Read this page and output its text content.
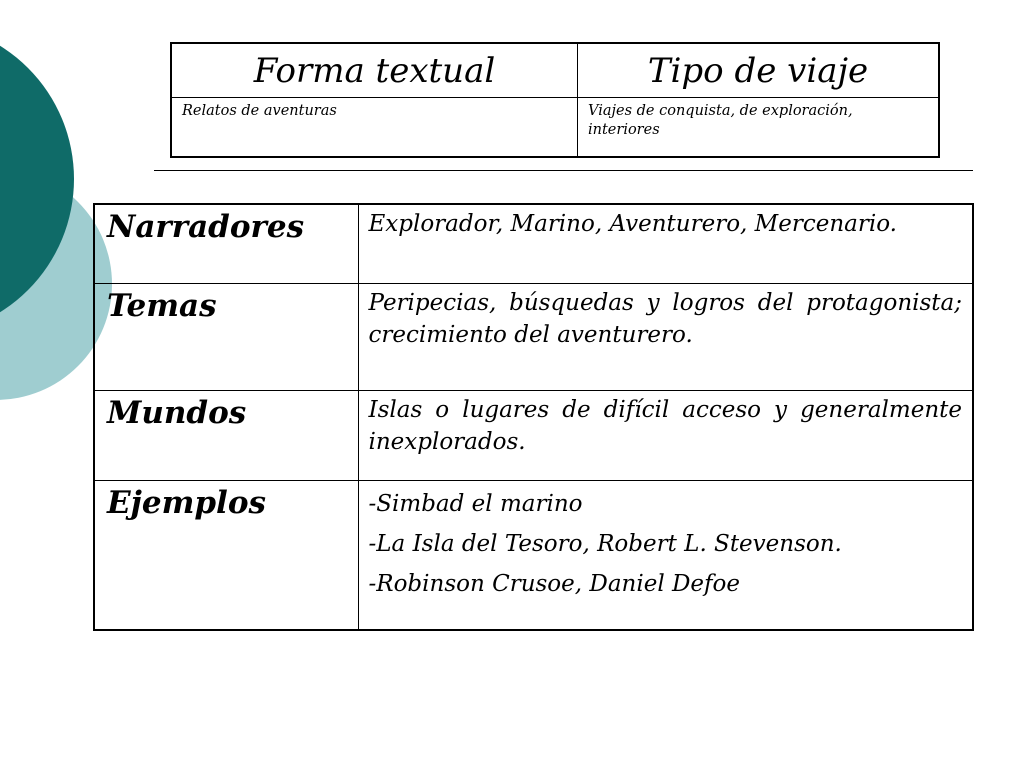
Forma textual	Tipo de viaje
Relatos de aventuras	Viajes de conquista, de exploración, interiores
Narradores	Explorador, Marino, Aventurero, Mercenario.
Temas	Peripecias, búsquedas y logros del protagonista; crecimiento del aventurero.
Mundos	Islas o lugares de difícil acceso y generalmente inexplorados.
Ejemplos	-Simbad el marino
-La Isla del Tesoro, Robert L. Stevenson.
-Robinson Crusoe, Daniel Defoe
